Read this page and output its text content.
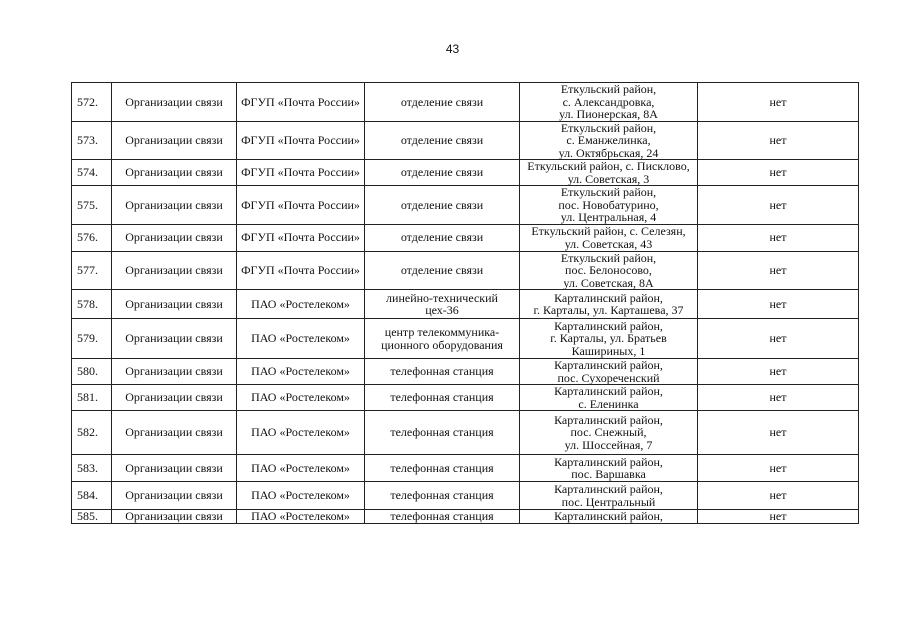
43
572.	Организации связи	ФГУП «Почта России»	отделение связи	Еткульский район,
с. Александровка,
ул. Пионерская, 8А	нет
573.	Организации связи	ФГУП «Почта России»	отделение связи	Еткульский район,
с. Еманжелинка,
ул. Октябрьская, 24	нет
574.	Организации связи	ФГУП «Почта России»	отделение связи	Еткульский район, с. Писклово,
ул. Советская, 3	нет
575.	Организации связи	ФГУП «Почта России»	отделение связи	Еткульский район,
пос. Новобатурино,
ул. Центральная, 4	нет
576.	Организации связи	ФГУП «Почта России»	отделение связи	Еткульский район, с. Селезян,
ул. Советская, 43	нет
577.	Организации связи	ФГУП «Почта России»	отделение связи	Еткульский район,
пос. Белоносово,
ул. Советская, 8А	нет
578.	Организации связи	ПАО «Ростелеком»	линейно-технический
цех-36	Карталинский район,
г. Карталы, ул. Карташева, 37	нет
579.	Организации связи	ПАО «Ростелеком»	центр телекоммуника-
ционного оборудования	Карталинский район,
г. Карталы, ул. Братьев
Кашириных, 1	нет
580.	Организации связи	ПАО «Ростелеком»	телефонная станция	Карталинский район,
пос. Сухореченский	нет
581.	Организации связи	ПАО «Ростелеком»	телефонная станция	Карталинский район,
с. Еленинка	нет
582.	Организации связи	ПАО «Ростелеком»	телефонная станция	Карталинский район,
пос. Снежный,
ул. Шоссейная, 7	нет
583.	Организации связи	ПАО «Ростелеком»	телефонная станция	Карталинский район,
пос. Варшавка	нет
584.	Организации связи	ПАО «Ростелеком»	телефонная станция	Карталинский район,
пос. Центральный	нет
585.	Организации связи	ПАО «Ростелеком»	телефонная станция	Карталинский район,	нет
